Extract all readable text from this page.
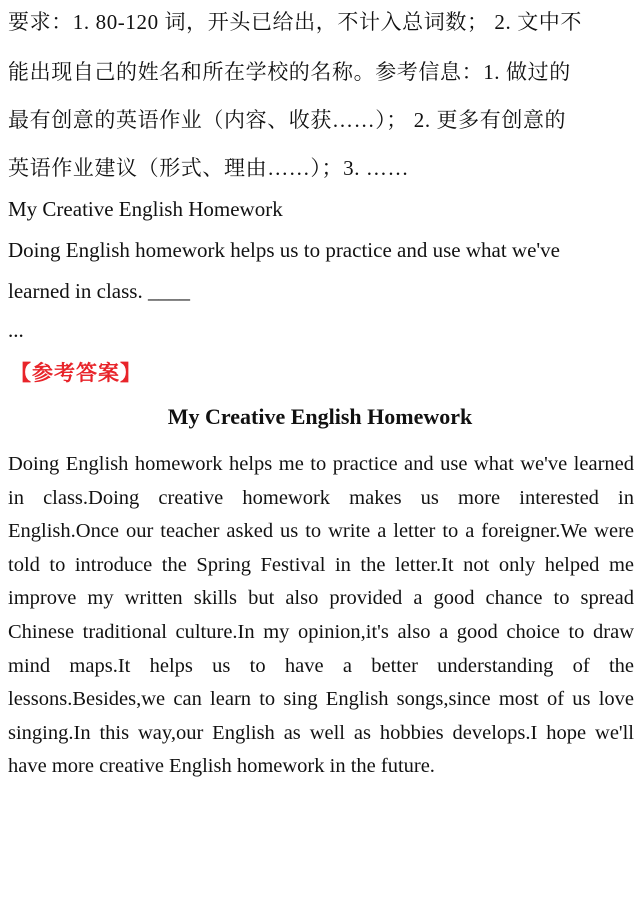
要求：1. 80-120 词，开头已给出，不计入总词数； 2. 文中不
能出现自己的姓名和所在学校的名称。参考信息：1. 做过的
最有创意的英语作业（内容、收获……）； 2. 更多有创意的
英语作业建议（形式、理由……）；3. ……
My Creative English Homework
Doing English homework helps us to practice and use what we've
learned in class. ____
...
【参考答案】
My Creative English Homework
Doing English homework helps me to practice and use what we've learned in class.Doing creative homework makes us more interested in English.Once our teacher asked us to write a letter to a foreigner.We were told to introduce the Spring Festival in the letter.It not only helped me improve my written skills but also provided a good chance to spread Chinese traditional culture.In my opinion,it's also a good choice to draw mind maps.It helps us to have a better understanding of the lessons.Besides,we can learn to sing English songs,since most of us love singing.In this way,our English as well as hobbies develops.I hope we'll have more creative English homework in the future.
